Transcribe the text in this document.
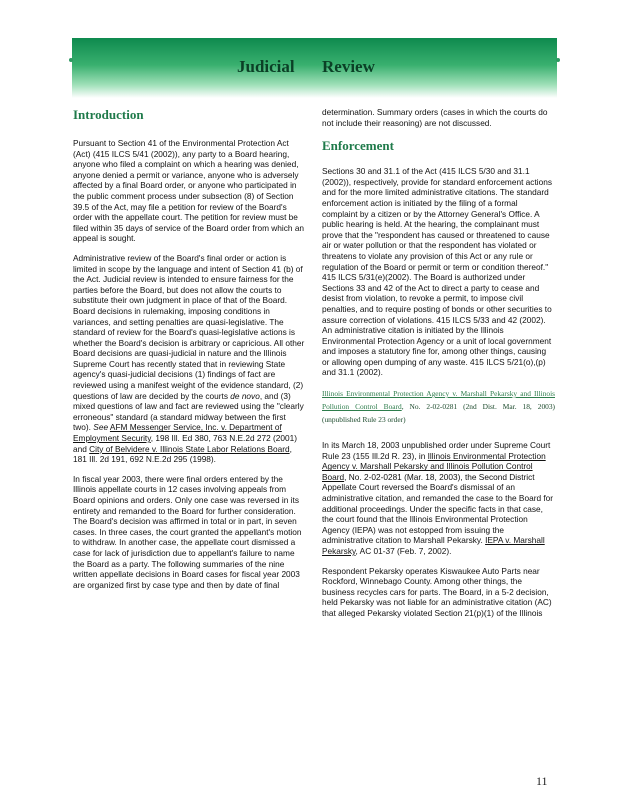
Judicial Review
Introduction

Pursuant to Section 41 of the Environmental Protection Act (Act) (415 ILCS 5/41 (2002)), any party to a Board hearing, anyone who filed a complaint on which a hearing was denied, anyone denied a permit or variance, anyone who is adversely affected by a final Board order, or anyone who participated in the public comment process under subsection (8) of Section 39.5 of the Act, may file a petition for review of the Board's order with the appellate court. The petition for review must be filed within 35 days of service of the Board order from which an appeal is sought.

Administrative review of the Board's final order or action is limited in scope by the language and intent of Section 41 (b) of the Act. Judicial review is intended to ensure fairness for the parties before the Board, but does not allow the courts to substitute their own judgment in place of that of the Board. Board decisions in rulemaking, imposing conditions in variances, and setting penalties are quasi-legislative. The standard of review for the Board's quasi-legislative actions is whether the Board's decision is arbitrary or capricious. All other Board decisions are quasi-judicial in nature and the Illinois Supreme Court has recently stated that in reviewing State agency's quasi-judicial decisions (1) findings of fact are reviewed using a manifest weight of the evidence standard, (2) questions of law are decided by the courts de novo, and (3) mixed questions of law and fact are reviewed using the "clearly erroneous" standard (a standard midway between the first two). See AFM Messenger Service, Inc. v. Department of Employment Security, 198 Ill. Ed 380, 763 N.E.2d 272 (2001) and City of Belvidere v. Illinois State Labor Relations Board, 181 Ill. 2d 191, 692 N.E.2d 295 (1998).

In fiscal year 2003, there were final orders entered by the Illinois appellate courts in 12 cases involving appeals from Board opinions and orders. Only one case was reversed in its entirety and remanded to the Board for further consideration. The Board's decision was affirmed in total or in part, in seven cases. In three cases, the court granted the appellant's motion to withdraw. In another case, the appellate court dismissed a case for lack of jurisdiction due to appellant's failure to name the Board as a party. The following summaries of the nine written appellate decisions in Board cases for fiscal year 2003 are organized first by case type and then by date of final

determination. Summary orders (cases in which the courts do not include their reasoning) are not discussed.

Enforcement

Sections 30 and 31.1 of the Act (415 ILCS 5/30 and 31.1 (2002)), respectively, provide for standard enforcement actions and for the more limited administrative citations. The standard enforcement action is initiated by the filing of a formal complaint by a citizen or by the Attorney General's Office. A public hearing is held. At the hearing, the complainant must prove that the "respondent has caused or threatened to cause air or water pollution or that the respondent has violated or threatens to violate any provision of this Act or any rule or regulation of the Board or permit or term or condition thereof." 415 ILCS 5/31(e)(2002). The Board is authorized under Sections 33 and 42 of the Act to direct a party to cease and desist from violation, to revoke a permit, to impose civil penalties, and to require posting of bonds or other securities to assure correction of violations. 415 ILCS 5/33 and 42 (2002). An administrative citation is initiated by the Illinois Environmental Protection Agency or a unit of local government and imposes a statutory fine for, among other things, causing or allowing open dumping of any waste. 415 ILCS 5/21(o),(p) and 31.1 (2002).

Illinois Environmental Protection Agency v. Marshall Pekarsky and Illinois Pollution Control Board, No. 2-02-0281 (2nd Dist. Mar. 18, 2003) (unpublished Rule 23 order)

In its March 18, 2003 unpublished order under Supreme Court Rule 23 (155 Ill.2d R. 23), in Illinois Environmental Protection Agency v. Marshall Pekarsky and Illinois Pollution Control Board, No. 2-02-0281 (Mar. 18, 2003), the Second District Appellate Court reversed the Board's dismissal of an administrative citation, and remanded the case to the Board for additional proceedings. Under the specific facts in that case, the court found that the Illinois Environmental Protection Agency (IEPA) was not estopped from issuing the administrative citation to Marshall Pekarsky. IEPA v. Marshall Pekarsky, AC 01-37 (Feb. 7, 2002).

Respondent Pekarsky operates Kiswaukee Auto Parts near Rockford, Winnebago County. Among other things, the business recycles cars for parts. The Board, in a 5-2 decision, held Pekarsky was not liable for an administrative citation (AC) that alleged Pekarsky violated Section 21(p)(1) of the Illinois

11
